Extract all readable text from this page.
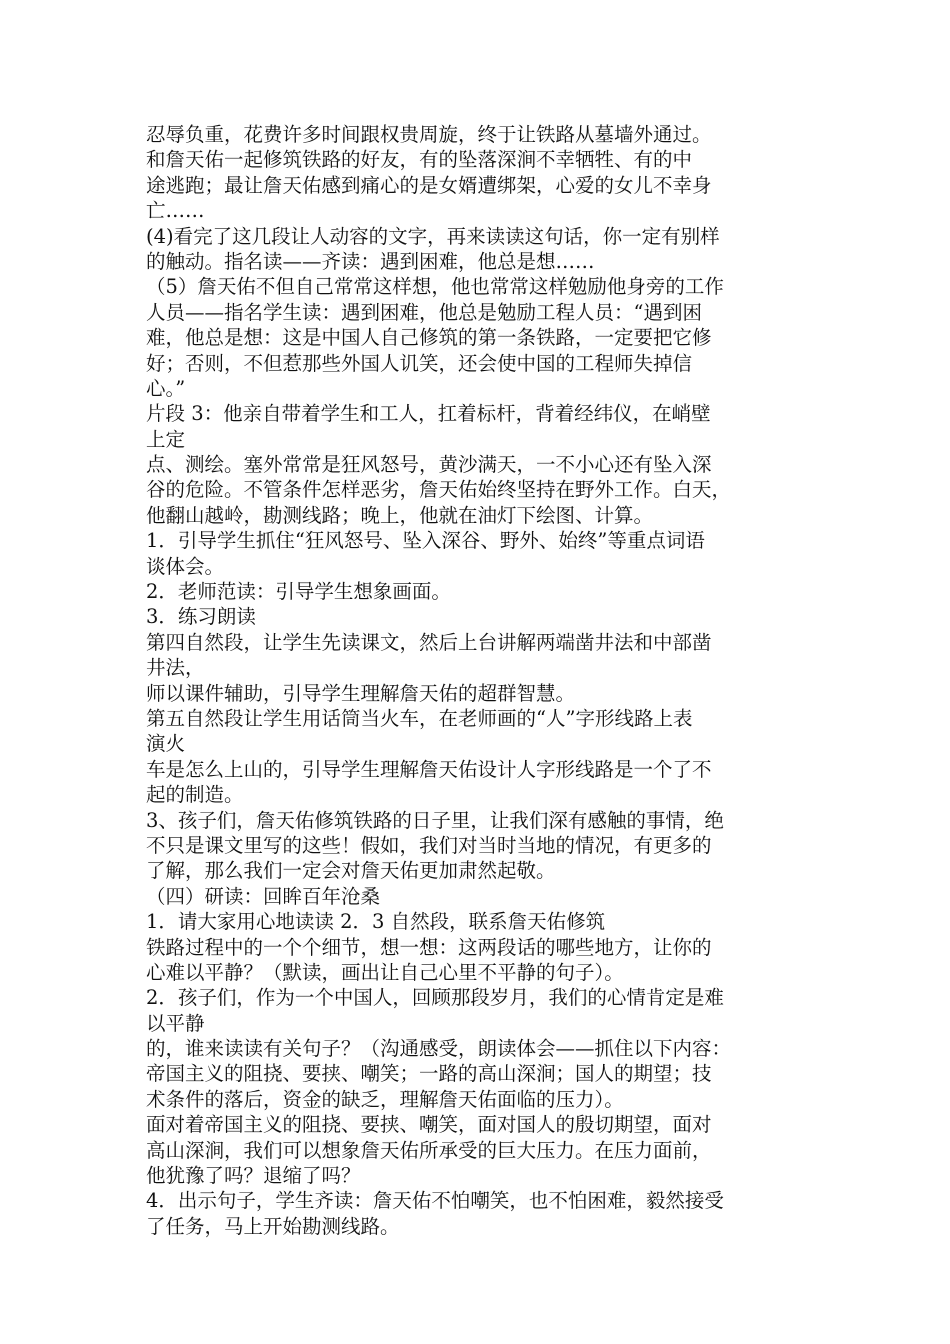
忍辱负重，花费许多时间跟权贵周旋，终于让铁路从墓墙外通过。
和詹天佑一起修筑铁路的好友，有的坠落深涧不幸牺牲、有的中
途逃跑；最让詹天佑感到痛心的是女婿遭绑架，心爱的女儿不幸身
亡……
(4)看完了这几段让人动容的文字，再来读读这句话，你一定有别样
的触动。指名读——齐读：遇到困难，他总是想……
（5）詹天佑不但自己常常这样想，他也常常这样勉励他身旁的工作
人员——指名学生读：遇到困难，他总是勉励工程人员：“遇到困
难，他总是想：这是中国人自己修筑的第一条铁路，一定要把它修
好；否则，不但惹那些外国人讥笑，还会使中国的工程师失掉信
心。”
片段 3：他亲自带着学生和工人，扛着标杆，背着经纬仪，在峭壁
上定
点、测绘。塞外常常是狂风怒号，黄沙满天，一不小心还有坠入深
谷的危险。不管条件怎样恶劣，詹天佑始终坚持在野外工作。白天，
他翻山越岭，勘测线路；晚上，他就在油灯下绘图、计算。
1．引导学生抓住“狂风怒号、坠入深谷、野外、始终”等重点词语
谈体会。
2．老师范读：引导学生想象画面。
3．练习朗读
第四自然段，让学生先读课文，然后上台讲解两端凿井法和中部凿
井法，
师以课件辅助，引导学生理解詹天佑的超群智慧。
第五自然段让学生用话筒当火车，在老师画的“人”字形线路上表
演火
车是怎么上山的，引导学生理解詹天佑设计人字形线路是一个了不
起的制造。
3、孩子们，詹天佑修筑铁路的日子里，让我们深有感触的事情，绝
不只是课文里写的这些！假如，我们对当时当地的情况，有更多的
了解，那么我们一定会对詹天佑更加肃然起敬。
（四）研读：回眸百年沧桑
1．请大家用心地读读 2．3 自然段，联系詹天佑修筑
铁路过程中的一个个细节，想一想：这两段话的哪些地方，让你的
心难以平静？（默读，画出让自己心里不平静的句子）。
2．孩子们，作为一个中国人，回顾那段岁月，我们的心情肯定是难
以平静
的，谁来读读有关句子？（沟通感受，朗读体会——抓住以下内容：
帝国主义的阻挠、要挟、嘲笑；一路的高山深涧；国人的期望；技
术条件的落后，资金的缺乏，理解詹天佑面临的压力）。
面对着帝国主义的阻挠、要挟、嘲笑，面对国人的殷切期望，面对
高山深涧，我们可以想象詹天佑所承受的巨大压力。在压力面前，
他犹豫了吗？退缩了吗？
4．出示句子，学生齐读：詹天佑不怕嘲笑，也不怕困难，毅然接受
了任务，马上开始勘测线路。
